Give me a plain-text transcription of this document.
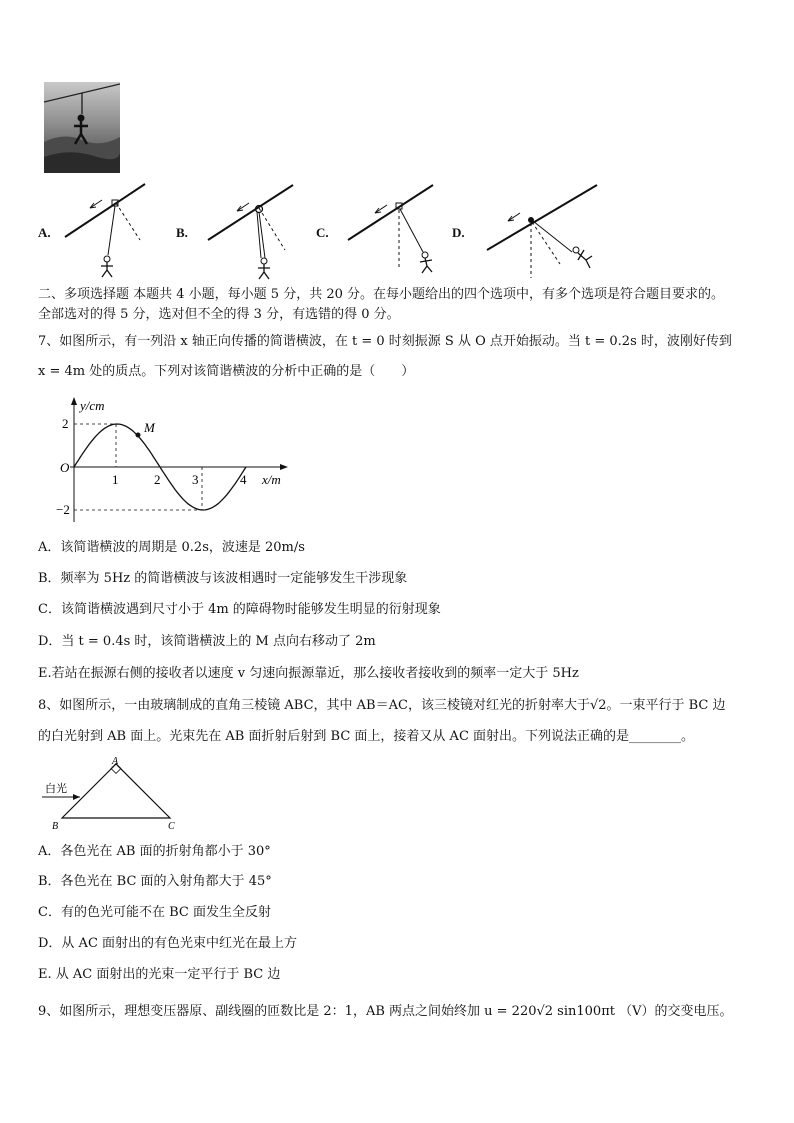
A.	B.	C.	D.
二、多项选择题 本题共 4 小题，每小题 5 分，共 20 分。在每小题给出的四个选项中，有多个选项是符合题目要求的。
全部选对的得 5 分，选对但不全的得 3 分，有选错的得 0 分。
7、如图所示，有一列沿 x 轴正向传播的简谐横波，在 t = 0 时刻振源 S 从 O 点开始振动。当 t = 0.2s 时，波刚好传到
x = 4m 处的质点。下列对该简谐横波的分析中正确的是（　　）
y/cm
x/m
O
M
2
−2
1	2 3	4
A．该简谐横波的周期是 0.2s，波速是 20m/s
B．频率为 5Hz 的简谐横波与该波相遇时一定能够发生干涉现象
C．该简谐横波遇到尺寸小于 4m 的障碍物时能够发生明显的衍射现象
D．当 t = 0.4s 时，该简谐横波上的 M 点向右移动了 2m
E.若站在振源右侧的接收者以速度 v 匀速向振源靠近，那么接收者接收到的频率一定大于 5Hz
8、如图所示，一由玻璃制成的直角三棱镜 ABC，其中 AB＝AC，该三棱镜对红光的折射率大于√2。一束平行于 BC 边
的白光射到 AB 面上。光束先在 AB 面折射后射到 BC 面上，接着又从 AC 面射出。下列说法正确的是________。
白光
A
B	C
A．各色光在 AB 面的折射角都小于 30°
B．各色光在 BC 面的入射角都大于 45°
C．有的色光可能不在 BC 面发生全反射
D．从 AC 面射出的有色光束中红光在最上方
E. 从 AC 面射出的光束一定平行于 BC 边
9、如图所示，理想变压器原、副线圈的匝数比是 2：1，AB 两点之间始终加 u = 220√2 sin100πt （V）的交变电压。
